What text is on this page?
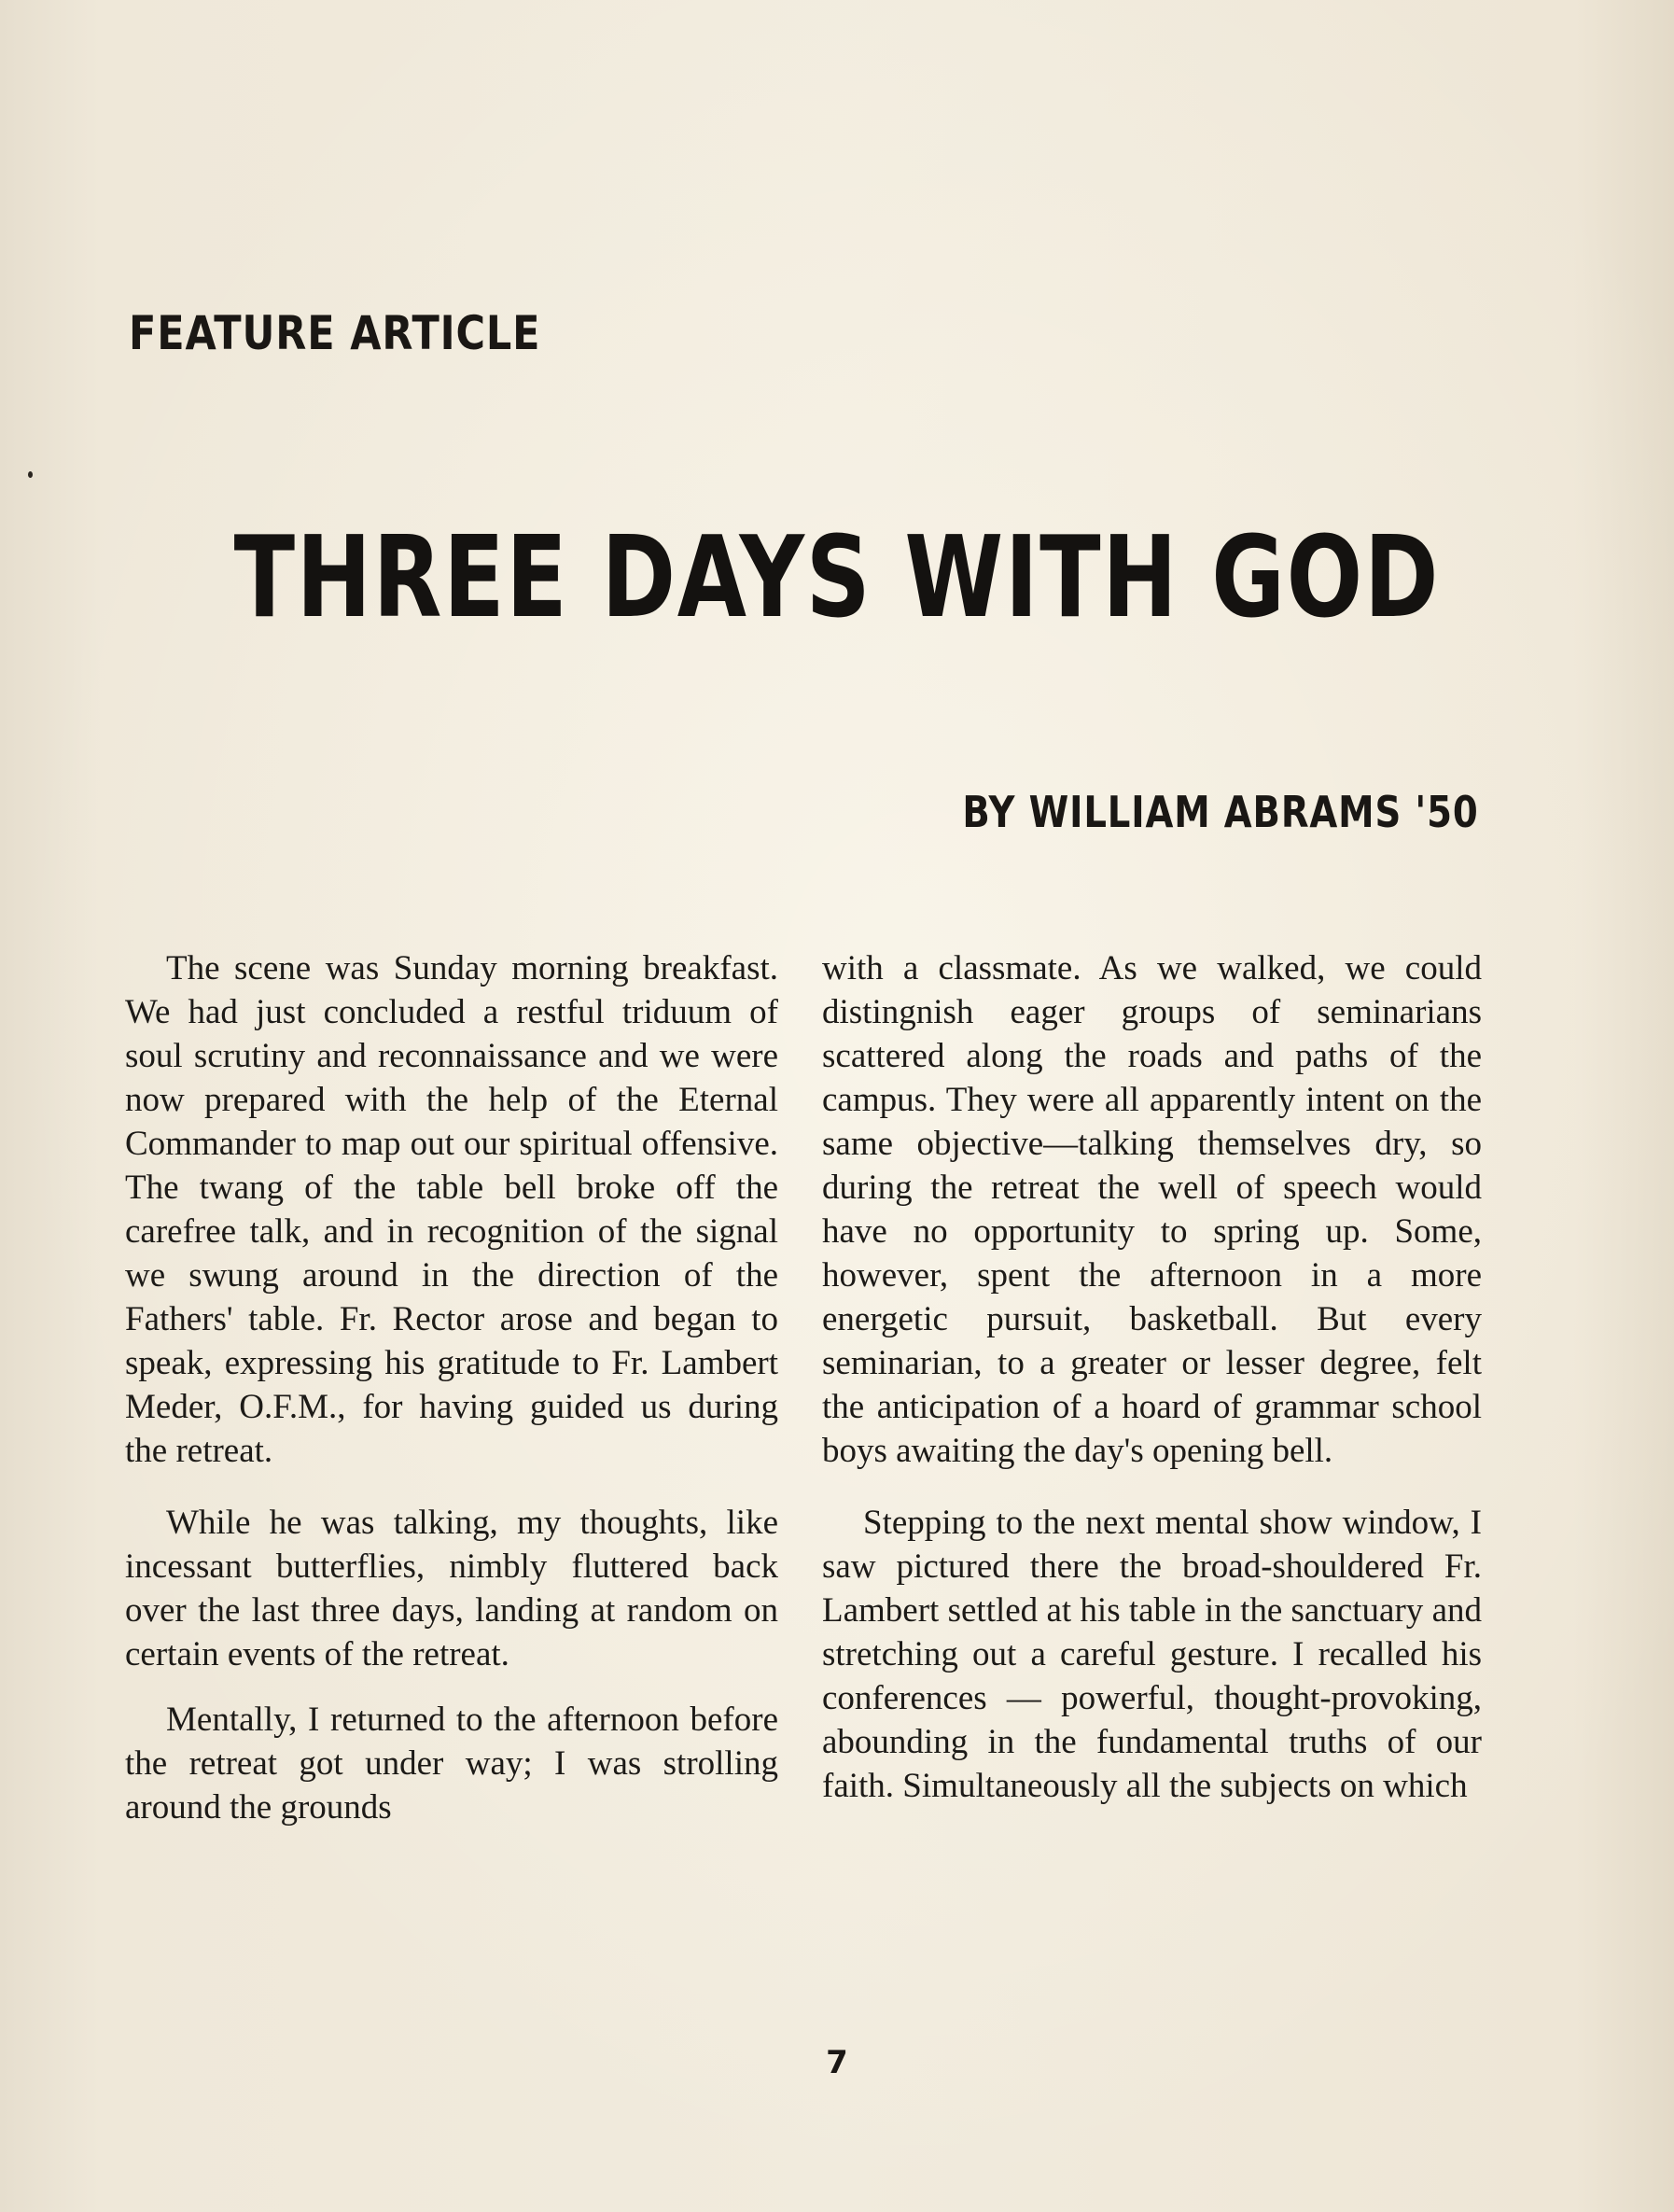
FEATURE ARTICLE
THREE DAYS WITH GOD
BY WILLIAM ABRAMS '50

The scene was Sunday morning breakfast. We had just concluded a restful triduum of soul scrutiny and reconnaissance and we were now prepared with the help of the Eternal Commander to map out our spiritual offensive. The twang of the table bell broke off the carefree talk, and in recognition of the signal we swung around in the direction of the Fathers' table. Fr. Rector arose and began to speak, expressing his gratitude to Fr. Lambert Meder, O.F.M., for having guided us during the retreat.

While he was talking, my thoughts, like incessant butterflies, nimbly fluttered back over the last three days, landing at random on certain events of the retreat.

Mentally, I returned to the afternoon before the retreat got under way; I was strolling around the grounds

with a classmate. As we walked, we could distingnish eager groups of seminarians scattered along the roads and paths of the campus. They were all apparently intent on the same objective—talking themselves dry, so during the retreat the well of speech would have no opportunity to spring up. Some, however, spent the afternoon in a more energetic pursuit, basketball. But every seminarian, to a greater or lesser degree, felt the anticipation of a hoard of grammar school boys awaiting the day's opening bell.

Stepping to the next mental show window, I saw pictured there the broad-shouldered Fr. Lambert settled at his table in the sanctuary and stretching out a careful gesture. I recalled his conferences — powerful, thought-provoking, abounding in the fundamental truths of our faith. Simultaneously all the subjects on which

7
